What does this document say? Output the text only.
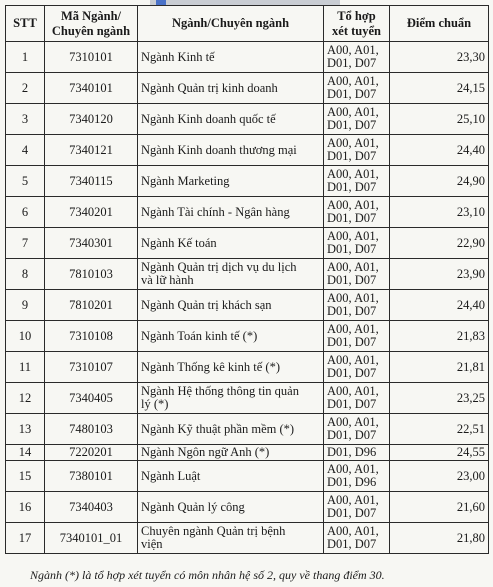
STT	Mã Ngành/
Chuyên ngành	Ngành/Chuyên ngành	Tổ hợp
xét tuyển	Điểm chuẩn
1	7310101	Ngành Kinh tế	A00, A01,
D01, D07	23,30
2	7340101	Ngành Quản trị kinh doanh	A00, A01,
D01, D07	24,15
3	7340120	Ngành Kinh doanh quốc tế	A00, A01,
D01, D07	25,10
4	7340121	Ngành Kinh doanh thương mại	A00, A01,
D01, D07	24,40
5	7340115	Ngành Marketing	A00, A01,
D01, D07	24,90
6	7340201	Ngành Tài chính - Ngân hàng	A00, A01,
D01, D07	23,10
7	7340301	Ngành Kế toán	A00, A01,
D01, D07	22,90
8	7810103	Ngành Quản trị dịch vụ du lịch
và lữ hành	A00, A01,
D01, D07	23,90
9	7810201	Ngành Quản trị khách sạn	A00, A01,
D01, D07	24,40
10	7310108	Ngành Toán kinh tế (*)	A00, A01,
D01, D07	21,83
11	7310107	Ngành Thống kê kinh tế (*)	A00, A01,
D01, D07	21,81
12	7340405	Ngành Hệ thống thông tin quản
lý (*)	A00, A01,
D01, D07	23,25
13	7480103	Ngành Kỹ thuật phần mềm (*)	A00, A01,
D01, D07	22,51
14	7220201	Ngành Ngôn ngữ Anh (*)	D01, D96	24,55
15	7380101	Ngành Luật	A00, A01,
D01, D96	23,00
16	7340403	Ngành Quản lý công	A00, A01,
D01, D07	21,60
17	7340101_01	Chuyên ngành Quản trị bệnh
viện	A00, A01,
D01, D07	21,80
Ngành (*) là tổ hợp xét tuyển có môn nhân hệ số 2, quy về thang điểm 30.
